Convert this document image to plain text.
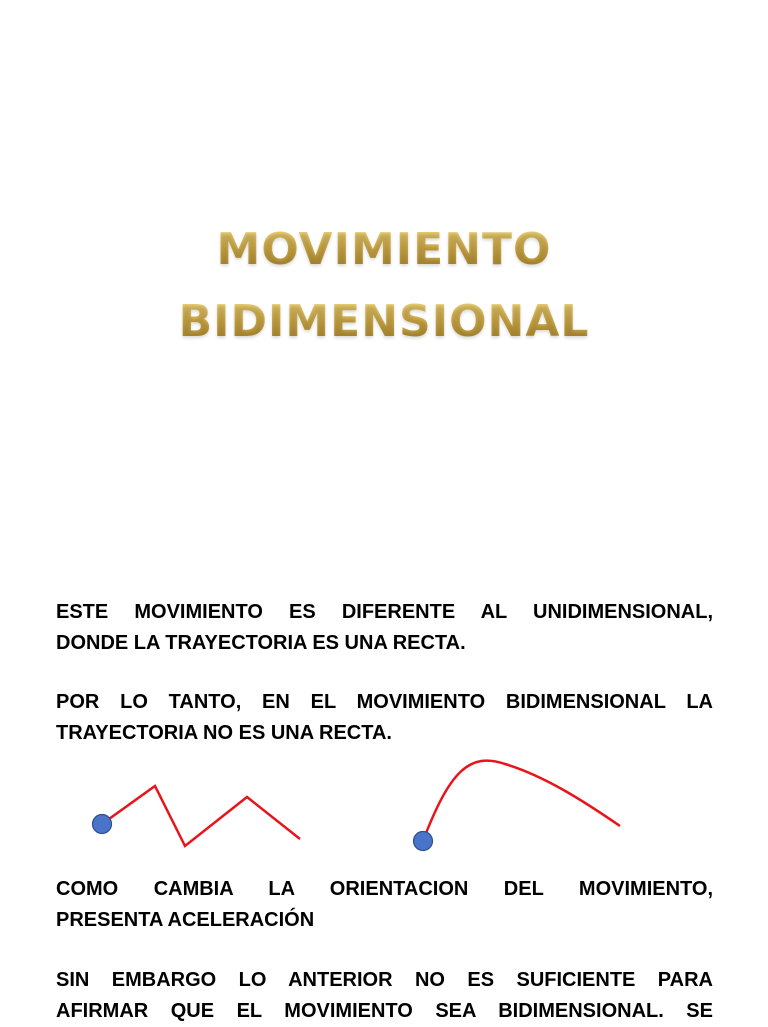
MOVIMIENTO
BIDIMENSIONAL
ESTE MOVIMIENTO ES DIFERENTE AL UNIDIMENSIONAL,
DONDE LA TRAYECTORIA ES UNA RECTA.
POR LO TANTO, EN EL MOVIMIENTO BIDIMENSIONAL LA
TRAYECTORIA NO ES UNA RECTA.
COMO CAMBIA LA ORIENTACION DEL MOVIMIENTO,
PRESENTA ACELERACIÓN
SIN EMBARGO LO ANTERIOR NO ES SUFICIENTE PARA
AFIRMAR QUE EL MOVIMIENTO SEA BIDIMENSIONAL. SE
